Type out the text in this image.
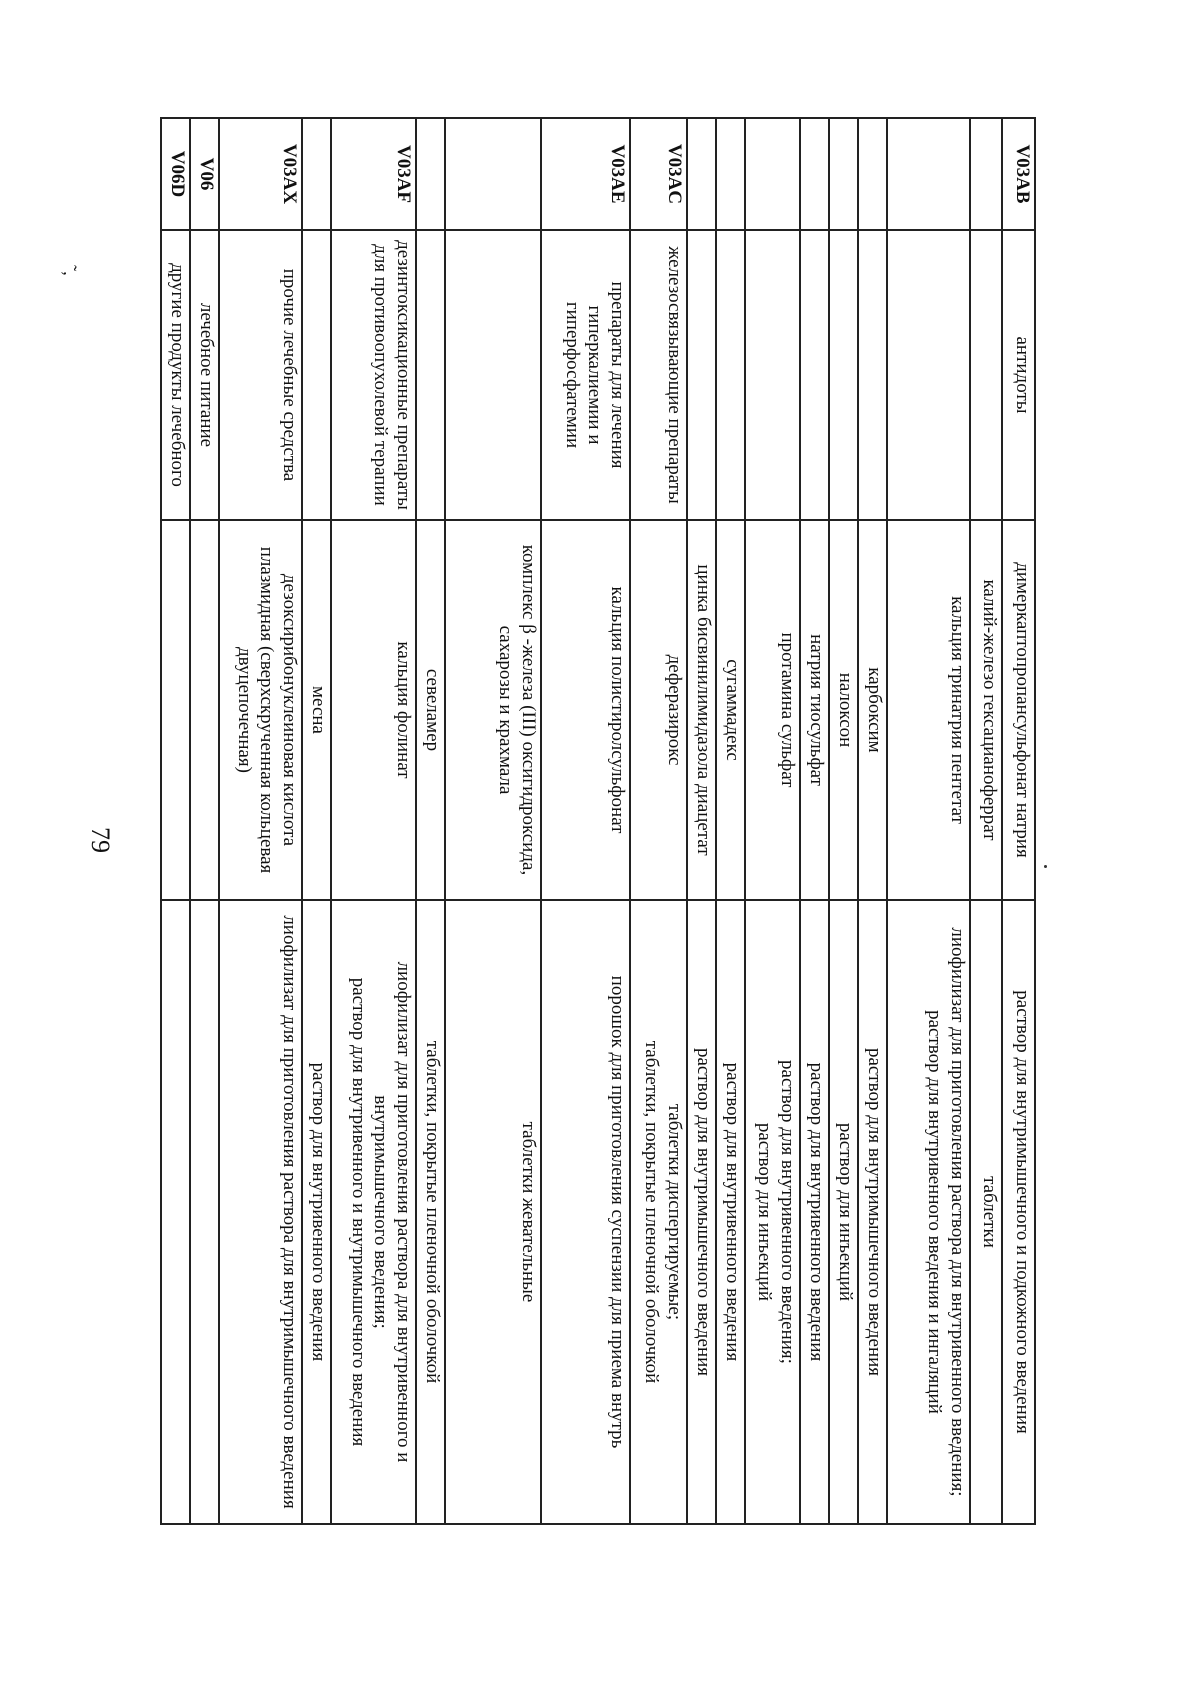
79
˜,
V03AB	антидоты	димеркаптопропансульфонат натрия	раствор для внутримышечного и подкожного введения

		калий-железо гексацианоферрат	таблетки

		кальция тринатрия пентетат	лиофилизат для приготовления раствора для внутривенного введения;
раствор для внутривенного введения и ингаляций

		карбоксим	раствор для внутримышечного введения

		налоксон	раствор для инъекций

		натрия тиосульфат	раствор для внутривенного введения

		протамина сульфат	раствор для внутривенного введения;
раствор для инъекций

		сугаммадекс	раствор для внутривенного введения

		цинка бисвинилимидазола диацетат	раствор для внутримышечного введения

V03AC	железосвязывающие препараты	деферазирокс	таблетки диспергируемые;
таблетки, покрытые пленочной оболочкой

V03AE	препараты для лечения гиперкалиемии и гиперфосфатемии	кальция полистиролсульфонат	порошок для приготовления суспензии для приема внутрь

		комплекс β -железа (III) оксигидроксида, сахарозы и крахмала	таблетки жевательные

		севеламер	таблетки, покрытые пленочной оболочкой

V03AF	дезинтоксикационные препараты для противоопухолевой терапии	кальция фолинат	лиофилизат для приготовления раствора для внутривенного и внутримышечного введения;
раствор для внутривенного и внутримышечного введения

		месна	раствор для внутривенного введения

V03AX	прочие лечебные средства	дезоксирибонуклеиновая кислота плазмидная (сверхскрученная кольцевая двуцепочечная)	лиофилизат для приготовления раствора для внутримышечного введения

V06	лечебное питание		

V06D	другие продукты лечебного		
